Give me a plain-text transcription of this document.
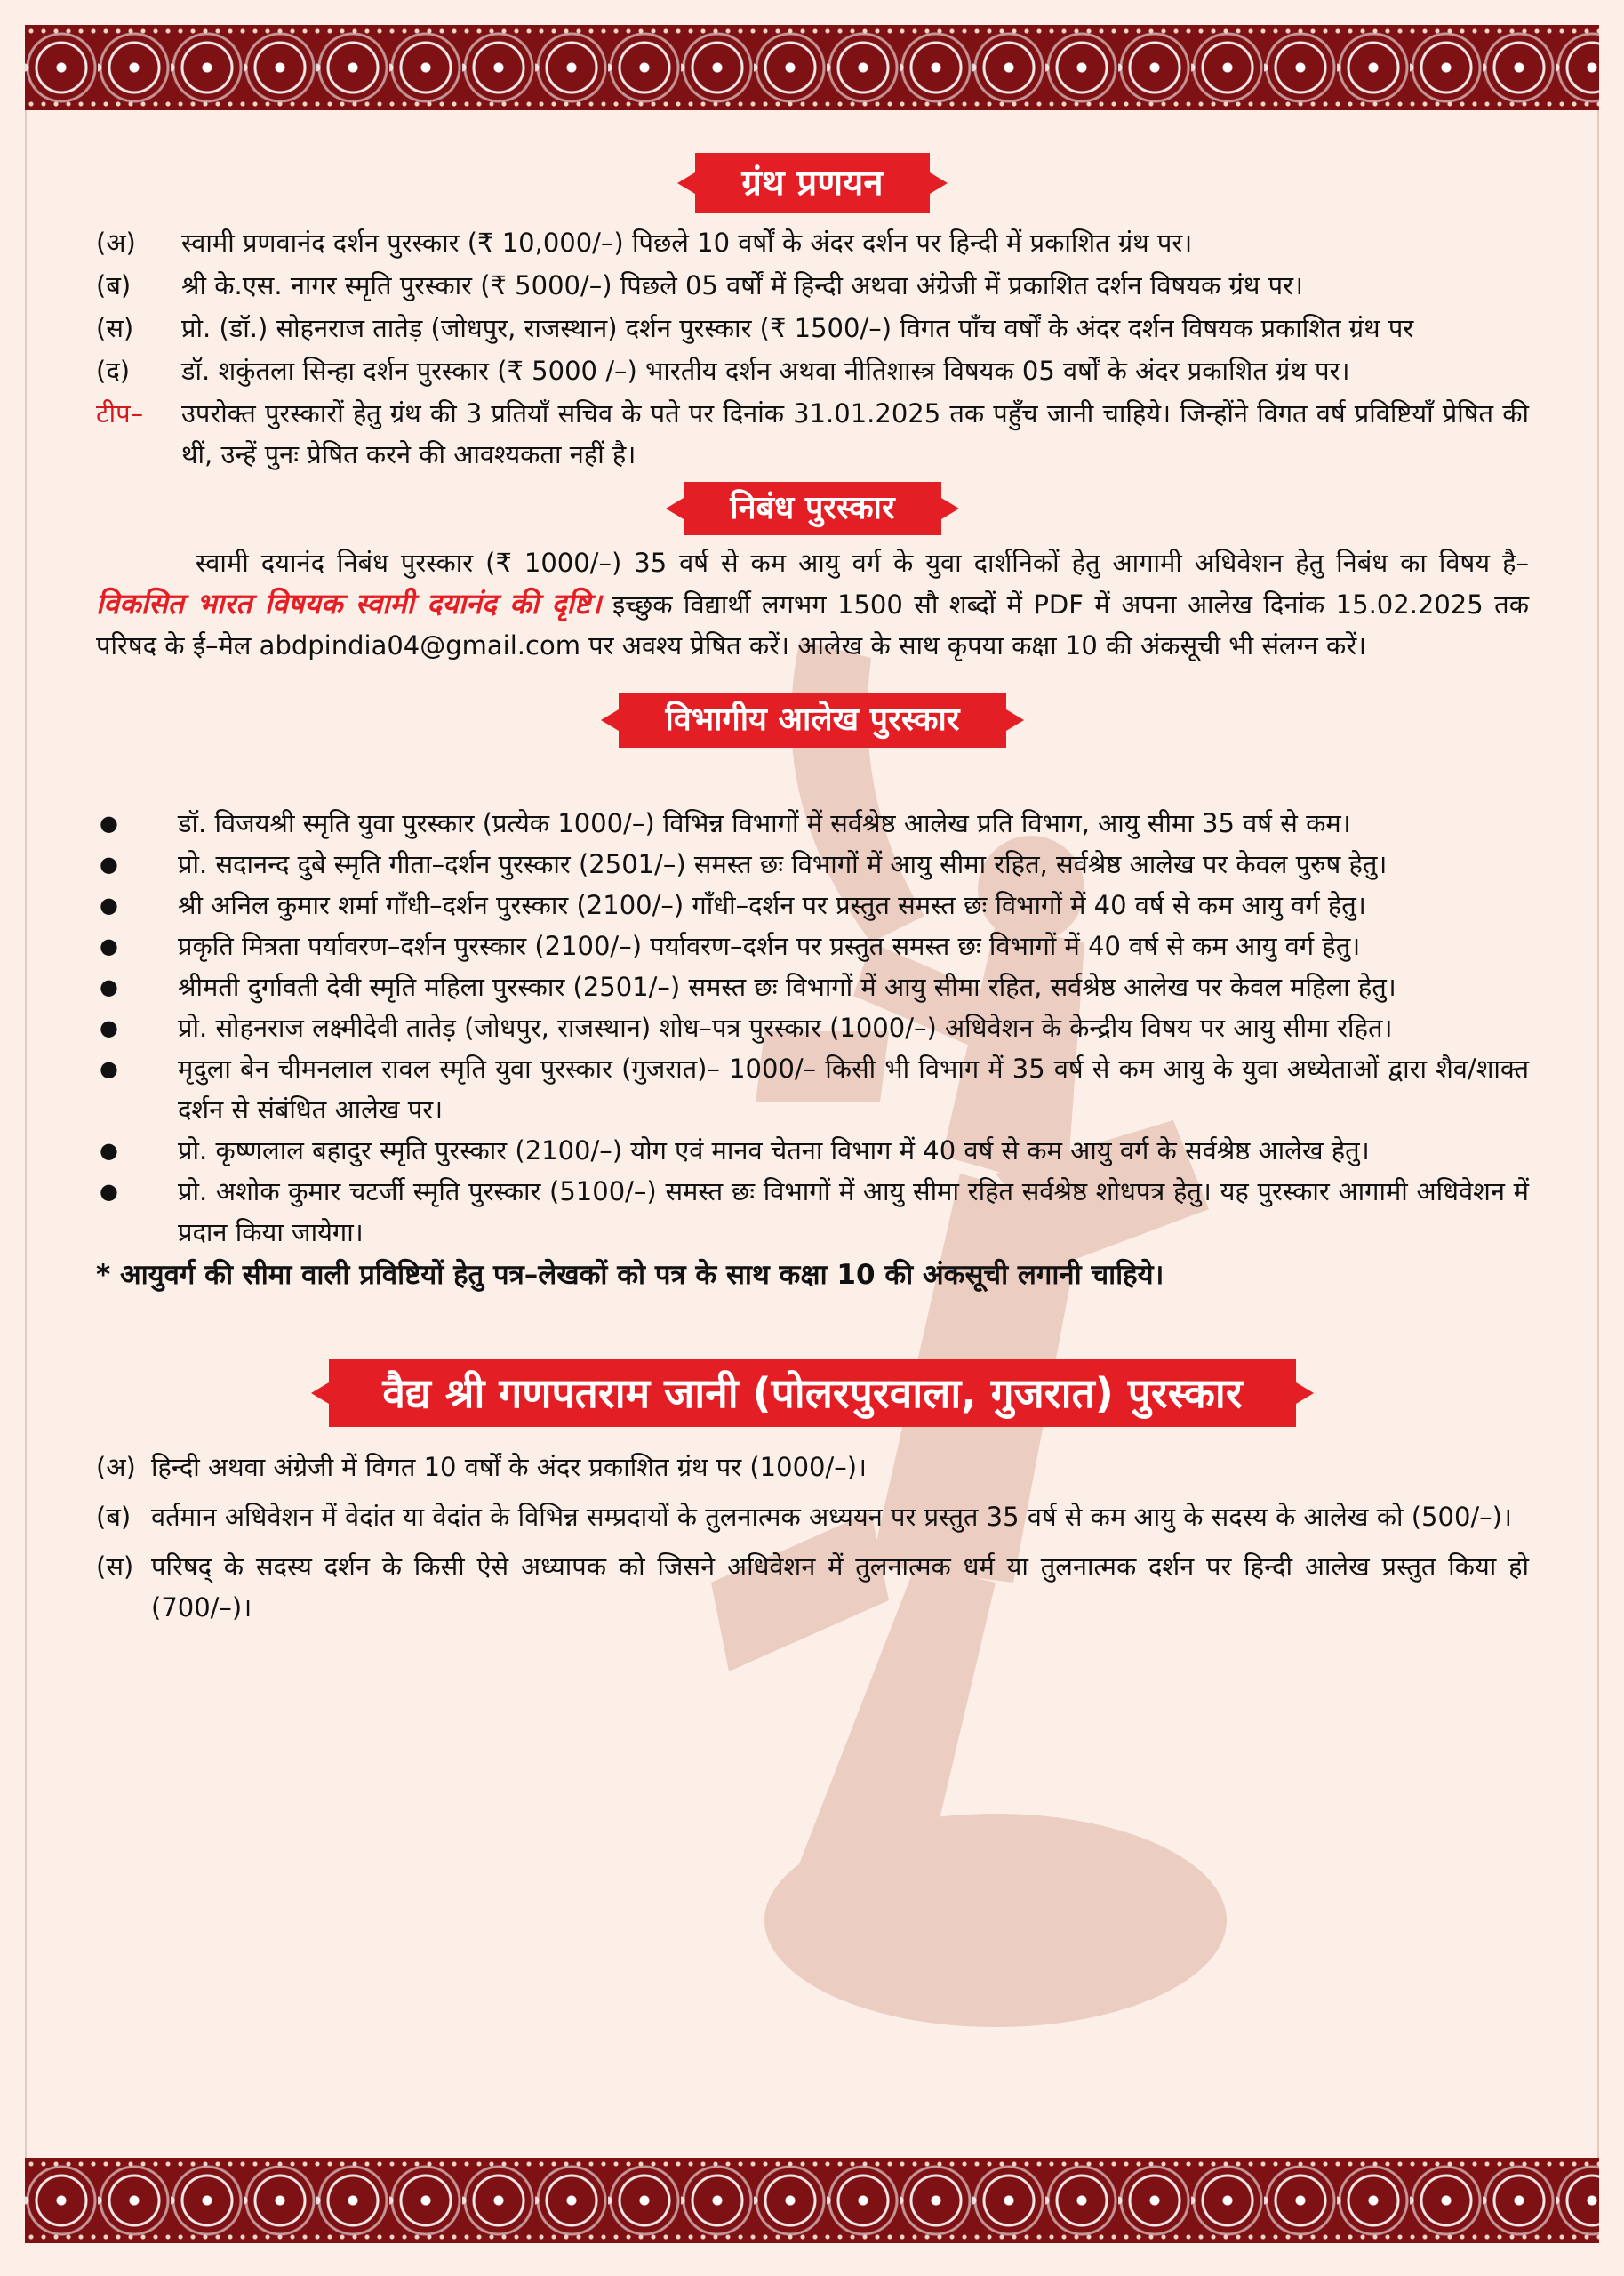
ग्रंथ प्रणयन
(अ)	स्वामी प्रणवानंद दर्शन पुरस्कार (₹ 10,000/–) पिछले 10 वर्षों के अंदर दर्शन पर हिन्दी में प्रकाशित ग्रंथ पर।
(ब)	श्री के.एस. नागर स्मृति पुरस्कार (₹ 5000/–) पिछले 05 वर्षों में हिन्दी अथवा अंग्रेजी में प्रकाशित दर्शन विषयक ग्रंथ पर।
(स)	प्रो. (डॉ.) सोहनराज तातेड़ (जोधपुर, राजस्थान) दर्शन पुरस्कार (₹ 1500/–) विगत पाँच वर्षों के अंदर दर्शन विषयक प्रकाशित ग्रंथ पर
(द)	डॉ. शकुंतला सिन्हा दर्शन पुरस्कार (₹ 5000 /–) भारतीय दर्शन अथवा नीतिशास्त्र विषयक 05 वर्षों के अंदर प्रकाशित ग्रंथ पर।
टीप–	उपरोक्त पुरस्कारों हेतु ग्रंथ की 3 प्रतियाँ सचिव के पते पर दिनांक 31.01.2025 तक पहुँच जानी चाहिये। जिन्होंने विगत वर्ष प्रविष्टियाँ प्रेषित की थीं, उन्हें पुनः प्रेषित करने की आवश्यकता नहीं है।
निबंध पुरस्कार
स्वामी दयानंद निबंध पुरस्कार (₹ 1000/–) 35 वर्ष से कम आयु वर्ग के युवा दार्शनिकों हेतु आगामी अधिवेशन हेतु निबंध का विषय है– विकसित भारत विषयक स्वामी दयानंद की दृष्टि। इच्छुक विद्यार्थी लगभग 1500 सौ शब्दों में PDF में अपना आलेख दिनांक 15.02.2025 तक परिषद के ई–मेल abdpindia04@gmail.com पर अवश्य प्रेषित करें। आलेख के साथ कृपया कक्षा 10 की अंकसूची भी संलग्न करें।
विभागीय आलेख पुरस्कार
●	डॉ. विजयश्री स्मृति युवा पुरस्कार (प्रत्येक 1000/–) विभिन्न विभागों में सर्वश्रेष्ठ आलेख प्रति विभाग, आयु सीमा 35 वर्ष से कम।
●	प्रो. सदानन्द दुबे स्मृति गीता–दर्शन पुरस्कार (2501/–) समस्त छः विभागों में आयु सीमा रहित, सर्वश्रेष्ठ आलेख पर केवल पुरुष हेतु।
●	श्री अनिल कुमार शर्मा गाँधी–दर्शन पुरस्कार (2100/–) गाँधी–दर्शन पर प्रस्तुत समस्त छः विभागों में 40 वर्ष से कम आयु वर्ग हेतु।
●	प्रकृति मित्रता पर्यावरण–दर्शन पुरस्कार (2100/–) पर्यावरण–दर्शन पर प्रस्तुत समस्त छः विभागों में 40 वर्ष से कम आयु वर्ग हेतु।
●	श्रीमती दुर्गावती देवी स्मृति महिला पुरस्कार (2501/–) समस्त छः विभागों में आयु सीमा रहित, सर्वश्रेष्ठ आलेख पर केवल महिला हेतु।
●	प्रो. सोहनराज लक्ष्मीदेवी तातेड़ (जोधपुर, राजस्थान) शोध–पत्र पुरस्कार (1000/–) अधिवेशन के केन्द्रीय विषय पर आयु सीमा रहित।
●	मृदुला बेन चीमनलाल रावल स्मृति युवा पुरस्कार (गुजरात)– 1000/– किसी भी विभाग में 35 वर्ष से कम आयु के युवा अध्येताओं द्वारा शैव/शाक्त दर्शन से संबंधित आलेख पर।
●	प्रो. कृष्णलाल बहादुर स्मृति पुरस्कार (2100/–) योग एवं मानव चेतना विभाग में 40 वर्ष से कम आयु वर्ग के सर्वश्रेष्ठ आलेख हेतु।
●	प्रो. अशोक कुमार चटर्जी स्मृति पुरस्कार (5100/–) समस्त छः विभागों में आयु सीमा रहित सर्वश्रेष्ठ शोधपत्र हेतु। यह पुरस्कार आगामी अधिवेशन में प्रदान किया जायेगा।
* आयुवर्ग की सीमा वाली प्रविष्टियों हेतु पत्र–लेखकों को पत्र के साथ कक्षा 10 की अंकसूची लगानी चाहिये।
वैद्य श्री गणपतराम जानी (पोलरपुरवाला, गुजरात) पुरस्कार
(अ) हिन्दी अथवा अंग्रेजी में विगत 10 वर्षों के अंदर प्रकाशित ग्रंथ पर (1000/–)।
(ब) वर्तमान अधिवेशन में वेदांत या वेदांत के विभिन्न सम्प्रदायों के तुलनात्मक अध्ययन पर प्रस्तुत 35 वर्ष से कम आयु के सदस्य के आलेख को (500/–)।
(स) परिषद् के सदस्य दर्शन के किसी ऐसे अध्यापक को जिसने अधिवेशन में तुलनात्मक धर्म या तुलनात्मक दर्शन पर हिन्दी आलेख प्रस्तुत किया हो (700/–)।
